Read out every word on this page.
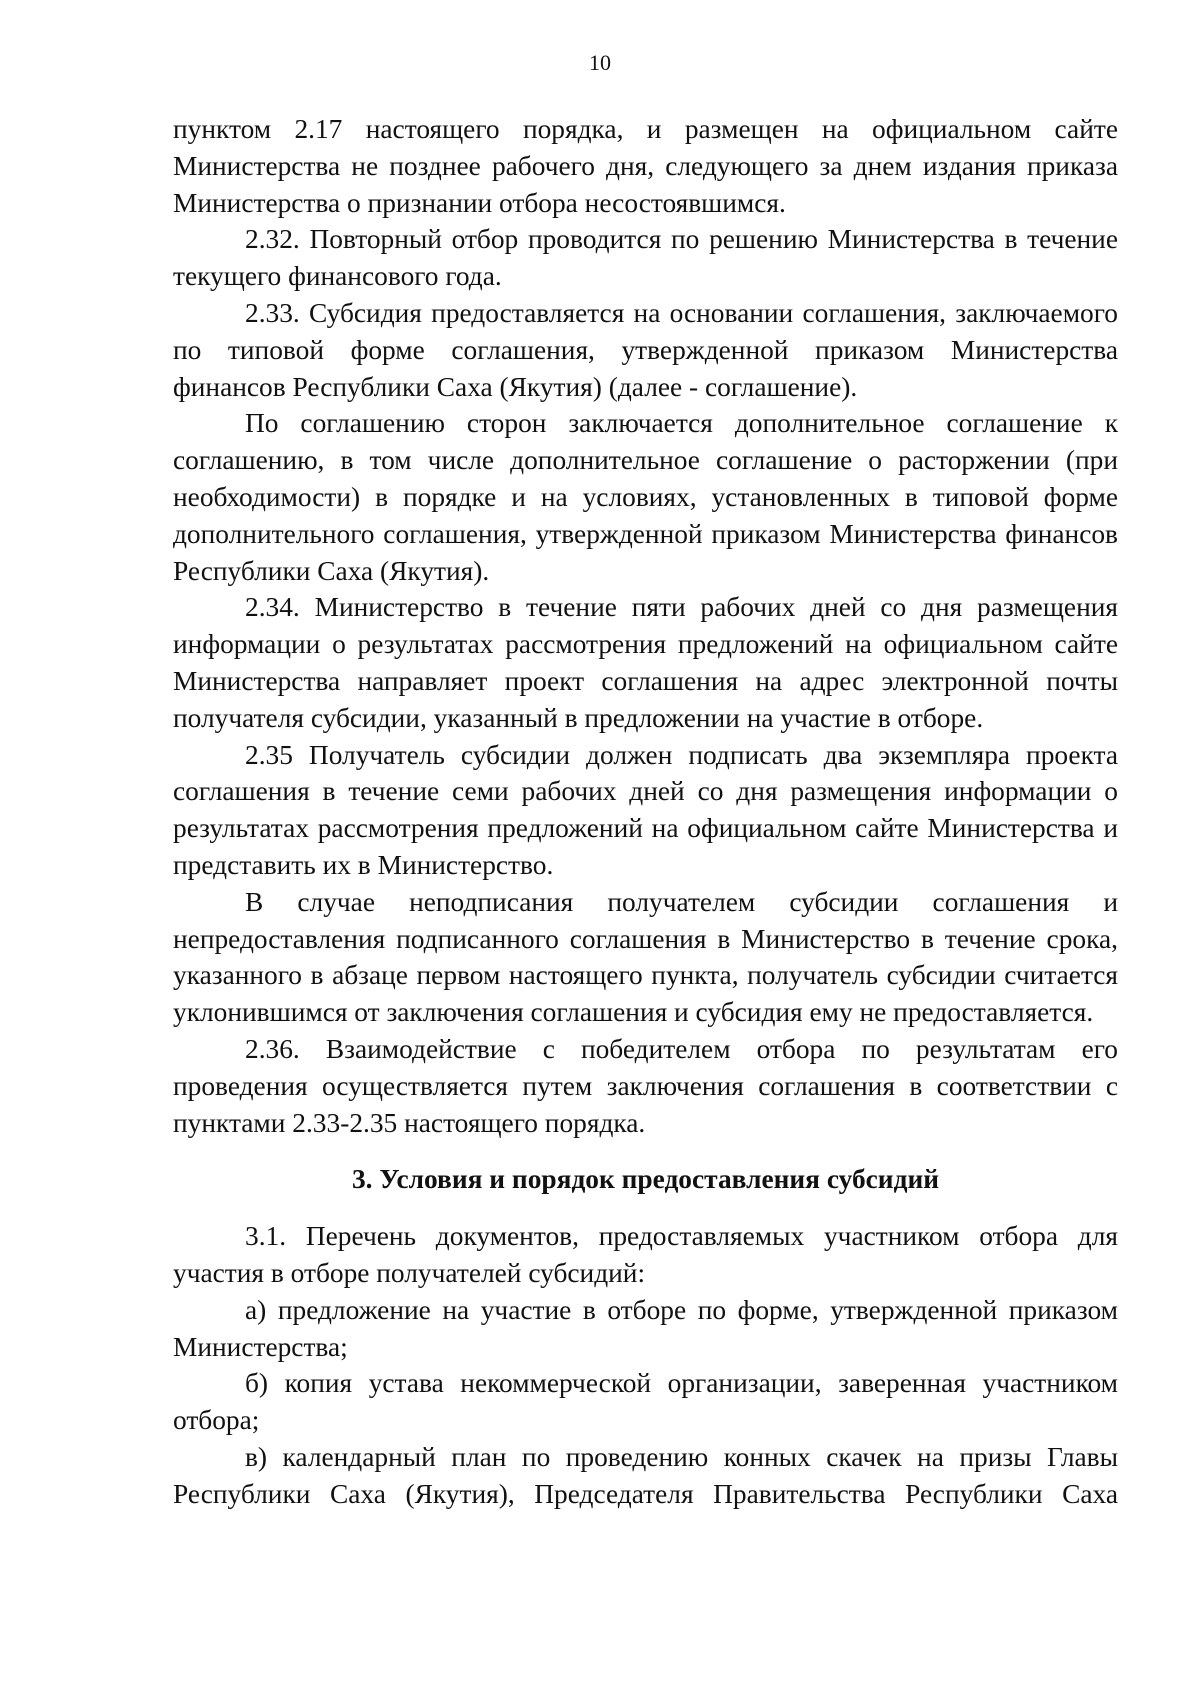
10

пунктом 2.17 настоящего порядка, и размещен на официальном сайте Министерства не позднее рабочего дня, следующего за днем издания приказа Министерства о признании отбора несостоявшимся.

2.32. Повторный отбор проводится по решению Министерства в течение текущего финансового года.

2.33. Субсидия предоставляется на основании соглашения, заключаемого по типовой форме соглашения, утвержденной приказом Министерства финансов Республики Саха (Якутия) (далее - соглашение).

По соглашению сторон заключается дополнительное соглашение к соглашению, в том числе дополнительное соглашение о расторжении (при необходимости) в порядке и на условиях, установленных в типовой форме дополнительного соглашения, утвержденной приказом Министерства финансов Республики Саха (Якутия).

2.34. Министерство в течение пяти рабочих дней со дня размещения информации о результатах рассмотрения предложений на официальном сайте Министерства направляет проект соглашения на адрес электронной почты получателя субсидии, указанный в предложении на участие в отборе.

2.35 Получатель субсидии должен подписать два экземпляра проекта соглашения в течение семи рабочих дней со дня размещения информации о результатах рассмотрения предложений на официальном сайте Министерства и представить их в Министерство.

В случае неподписания получателем субсидии соглашения и непредоставления подписанного соглашения в Министерство в течение срока, указанного в абзаце первом настоящего пункта, получатель субсидии считается уклонившимся от заключения соглашения и субсидия ему не предоставляется.

2.36. Взаимодействие с победителем отбора по результатам его проведения осуществляется путем заключения соглашения в соответствии с пунктами 2.33-2.35 настоящего порядка.

3. Условия и порядок предоставления субсидий

3.1. Перечень документов, предоставляемых участником отбора для участия в отборе получателей субсидий:

а) предложение на участие в отборе по форме, утвержденной приказом Министерства;

б) копия устава некоммерческой организации, заверенная участником отбора;

в) календарный план по проведению конных скачек на призы Главы Республики Саха (Якутия), Председателя Правительства Республики Саха
